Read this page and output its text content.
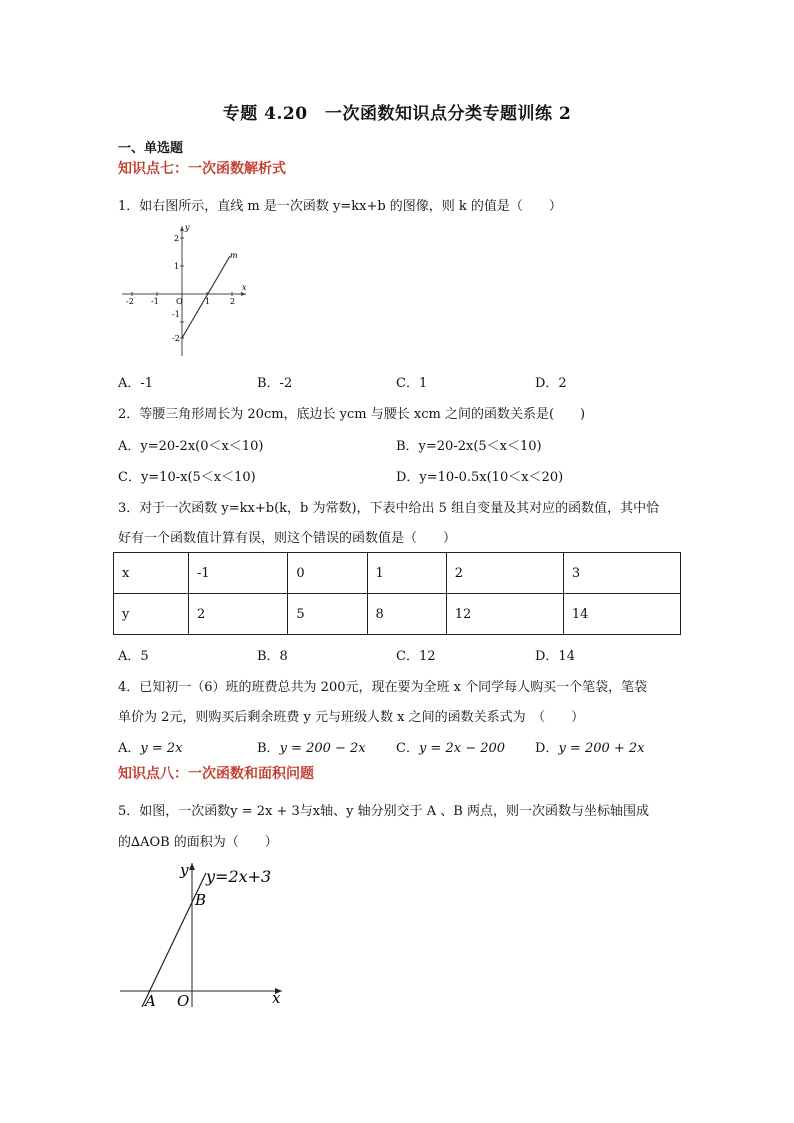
专题 4.20　一次函数知识点分类专题训练 2
一、单选题
知识点七：一次函数解析式
1．如右图所示，直线 m 是一次函数 y=kx+b 的图像，则 k 的值是（　　）
2
1
-1
-2
-2 -1 O	1 2
x
y
m
A．-1	B．-2	C．1	D．2
2．等腰三角形周长为 20cm，底边长 ycm 与腰长 xcm 之间的函数关系是(　　)
A．y=20-2x(0＜x＜10)	B．y=20-2x(5＜x＜10)
C．y=10-x(5＜x＜10)	D．y=10-0.5x(10＜x＜20)
3．对于一次函数 y=kx+b(k，b 为常数)，下表中给出 5 组自变量及其对应的函数值，其中恰
好有一个函数值计算有误，则这个错误的函数值是（　　）
x	-1	0	1	2	3
y	2	5	8	12	14
A．5	B．8	C．12	D．14
4．已知初一（6）班的班费总共为 200元，现在要为全班 x 个同学每人购买一个笔袋，笔袋
单价为 2元，则购买后剩余班费 y 元与班级人数 x 之间的函数关系式为　（　　）
A．y = 2x	B．y = 200 − 2x C．y = 2x − 200 D．y = 200 + 2x
知识点八：一次函数和面积问题
5．如图，一次函数y = 2x + 3与x轴、y 轴分别交于 A 、B 两点，则一次函数与坐标轴围成
的∆AOB 的面积为（　　）
y=2x+3
y
x
B
A O
